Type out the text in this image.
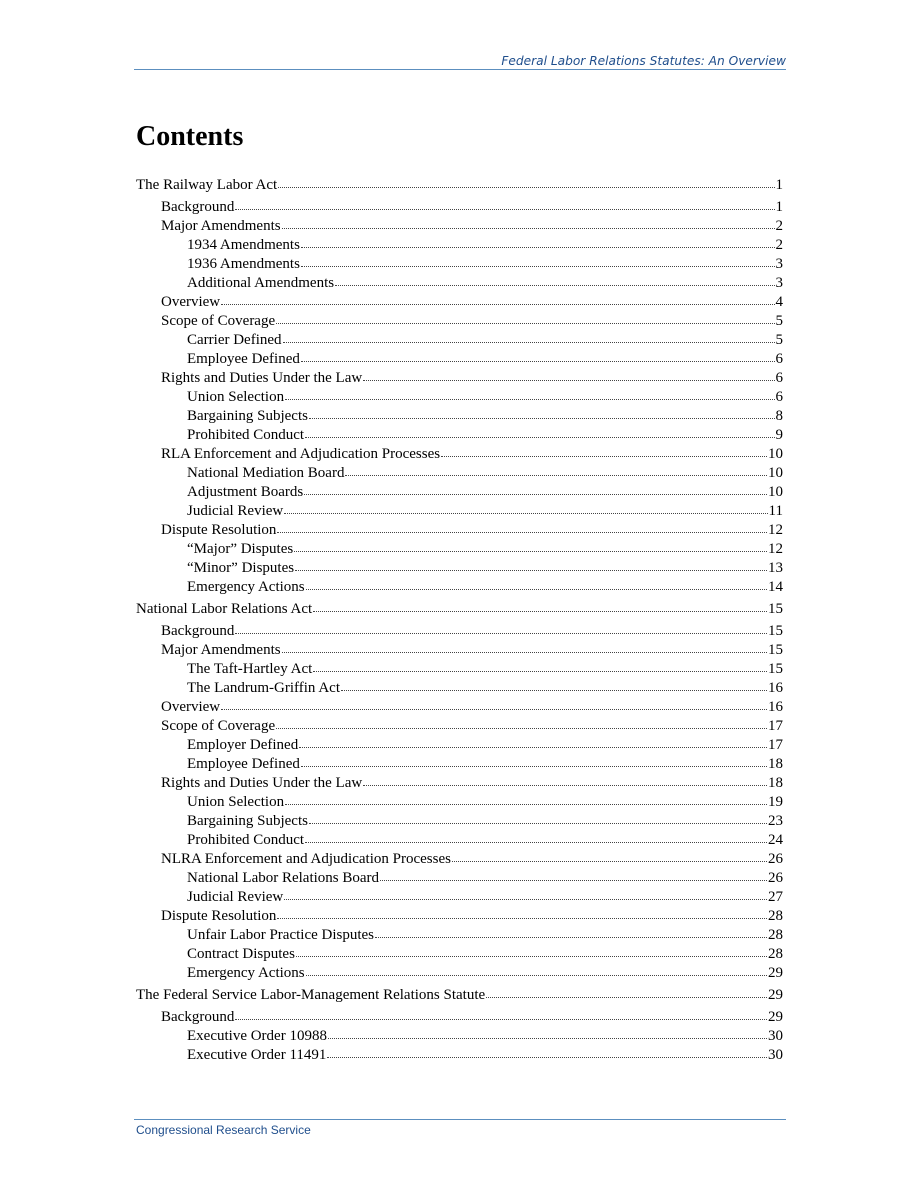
Federal Labor Relations Statutes: An Overview
Contents
The Railway Labor Act	1
Background	1
Major Amendments	2
1934 Amendments	2
1936 Amendments	3
Additional Amendments	3
Overview	4
Scope of Coverage	5
Carrier Defined	5
Employee Defined	6
Rights and Duties Under the Law	6
Union Selection	6
Bargaining Subjects	8
Prohibited Conduct	9
RLA Enforcement and Adjudication Processes	10
National Mediation Board	10
Adjustment Boards	10
Judicial Review	11
Dispute Resolution	12
“Major” Disputes	12
“Minor” Disputes	13
Emergency Actions	14
National Labor Relations Act	15
Background	15
Major Amendments	15
The Taft-Hartley Act	15
The Landrum-Griffin Act	16
Overview	16
Scope of Coverage	17
Employer Defined	17
Employee Defined	18
Rights and Duties Under the Law	18
Union Selection	19
Bargaining Subjects	23
Prohibited Conduct	24
NLRA Enforcement and Adjudication Processes	26
National Labor Relations Board	26
Judicial Review	27
Dispute Resolution	28
Unfair Labor Practice Disputes	28
Contract Disputes	28
Emergency Actions	29
The Federal Service Labor-Management Relations Statute	29
Background	29
Executive Order 10988	30
Executive Order 11491	30
Congressional Research Service
